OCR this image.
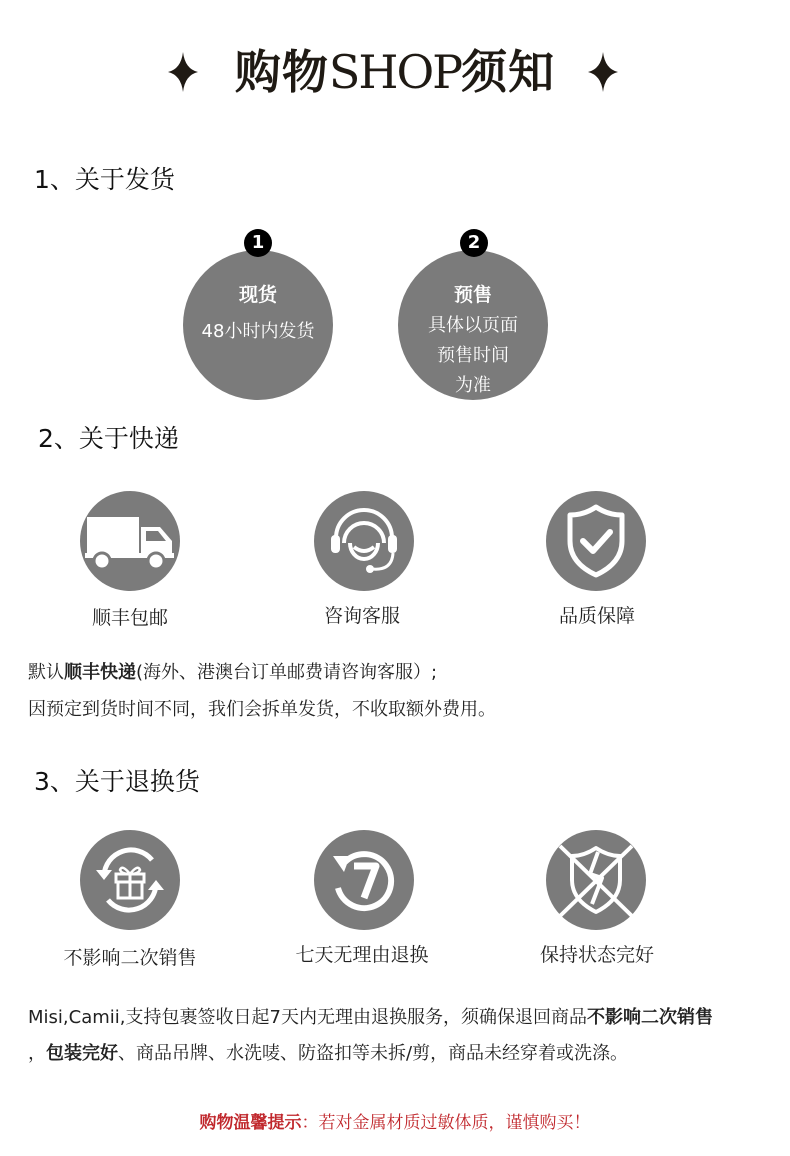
购物SHOP须知
1、关于发货
现货
48小时内发货
1
预售
具体以页面
预售时间
为准
2
2、关于快递
顺丰包邮	咨询客服	品质保障
默认顺丰快递(海外、港澳台订单邮费请咨询客服）;
因预定到货时间不同，我们会拆单发货，不收取额外费用。
3、关于退换货
不影响二次销售	七天无理由退换	保持状态完好
Misi,Camii,支持包裹签收日起7天内无理由退换服务，须确保退回商品不影响二次销售
，包装完好、商品吊牌、水洗唛、防盗扣等未拆/剪，商品未经穿着或洗涤。
购物温馨提示：若对金属材质过敏体质，谨慎购买！
